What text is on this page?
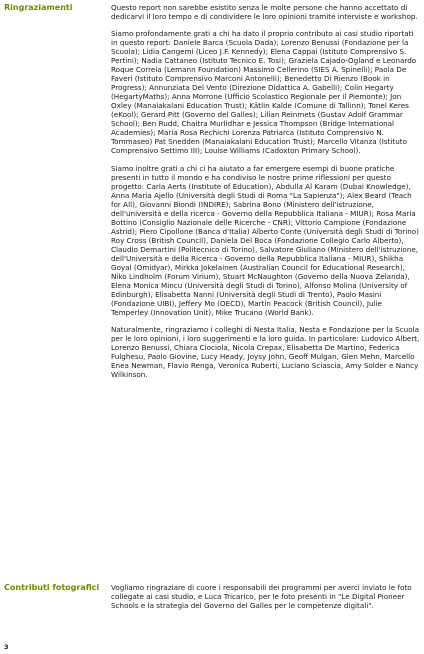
Ringraziamenti	Questo report non sarebbe esistito senza le molte persone che hanno accettato di dedicarvi il loro tempo e di condividere le loro opinioni tramite interviste e workshop.

Siamo profondamente grati a chi ha dato il proprio contributo ai casi studio riportati in questo report: Daniele Barca (Scuola Dada); Lorenzo Benussi (Fondazione per la Scuola); Lidia Cangemi (Liceo J.F. Kennedy); Elena Cappai (Istituto Comprensivo S. Pertini); Nadia Cattaneo (Istituto Tecnico E. Tosi); Graziela Cajado-Ogland e Leonardo Roque Correia (Lemann Foundation) Massimo Cellerino (SIES A. Spinelli); Paola De Faveri (Istituto Comprensivo Marconi Antonelli); Benedetto Di Rienzo (Book in Progress); Annunziata Del Vento (Direzione Didattica A. Gabelli); Colin Hegarty (HegartyMaths); Anna Morrone (Ufficio Scolastico Regionale per il Piemonte); Jon Oxley (Manaiakalani Education Trust); Kätlin Kalde (Comune di Tallinn); Tonel Keres (eKool); Gerard Pitt (Governo del Galles); Lilian Reinmets (Gustav Adolf Grammar School); Ben Rudd, Chaitra Murlidhar e Jessica Thompson (Bridge International Academies); Maria Rosa Rechichi Lorenza Patriarca (Istituto Comprensivo N. Tommaseo) Pat Snedden (Manaiakalani Education Trust); Marcello Vitanza (Istituto Comprensivo Settimo III); Louise Williams (Cadoxton Primary School).

Siamo inoltre grati a chi ci ha aiutato a far emergere esempi di buone pratiche presenti in tutto il mondo e ha condiviso le nostre prime riflessioni per questo progetto: Carla Aerts (Institute of Education), Abdulla Al Karam (Dubai Knowledge), Anna Maria Ajello (Università degli Studi di Roma "La Sapienza"); Alex Beard (Teach for All), Giovanni Biondi (INDIRE); Sabrina Bono (Ministero dell'istruzione, dell'università e della ricerca - Governo della Repubblica Italiana - MIUR); Rosa Maria Bottino (Consiglio Nazionale delle Ricerche - CNR); Vittorio Campione (Fondazione Astrid); Piero Cipollone (Banca d'Italia) Alberto Conte (Università degli Studi di Torino) Roy Cross (British Council), Daniela Del Boca (Fondazione Collegio Carlo Alberto), Claudio Demartini (Politecnico di Torino), Salvatore Giuliano (Ministero dell'istruzione, dell'Università e della Ricerca - Governo della Repubblica Italiana - MIUR), Shikha Goyal (Omidyar), Mirkka Jokelainen (Australian Council for Educational Research), Niko Lindholm (Forum Virium), Stuart McNaughton (Governo della Nuova Zelanda), Elena Monica Mincu (Università degli Studi di Torino), Alfonso Molina (University of Edinburgh), Elisabetta Nanni (Università degli Studi di Trento), Paolo Masini (Fondazione UIBI), Jeffery Mo (OECD), Martin Peacock (British Council), Julie Temperley (Innovation Unit), Mike Trucano (World Bank).

Naturalmente, ringraziamo i colleghi di Nesta Italia, Nesta e Fondazione per la Scuola per le loro opinioni, i loro suggerimenti e la loro guida. In particolare: Ludovico Albert, Lorenzo Benussi, Chiara Ciociola, Nicola Crepax, Elisabetta De Martino, Federica Fulghesu, Paolo Giovine, Lucy Heady, Joysy John, Geoff Mulgan, Glen Mehn, Marcello Enea Newman, Flavio Renga, Veronica Ruberti, Luciano Sciascia, Amy Solder e Nancy Wilkinson.

Contributi fotografici	Vogliamo ringraziare di cuore i responsabili dei programmi per averci inviato le foto collegate ai casi studio, e Luca Tricarico, per le foto presenti in "Le Digital Pioneer Schools e la strategia del Governo del Galles per le competenze digitali".

3
